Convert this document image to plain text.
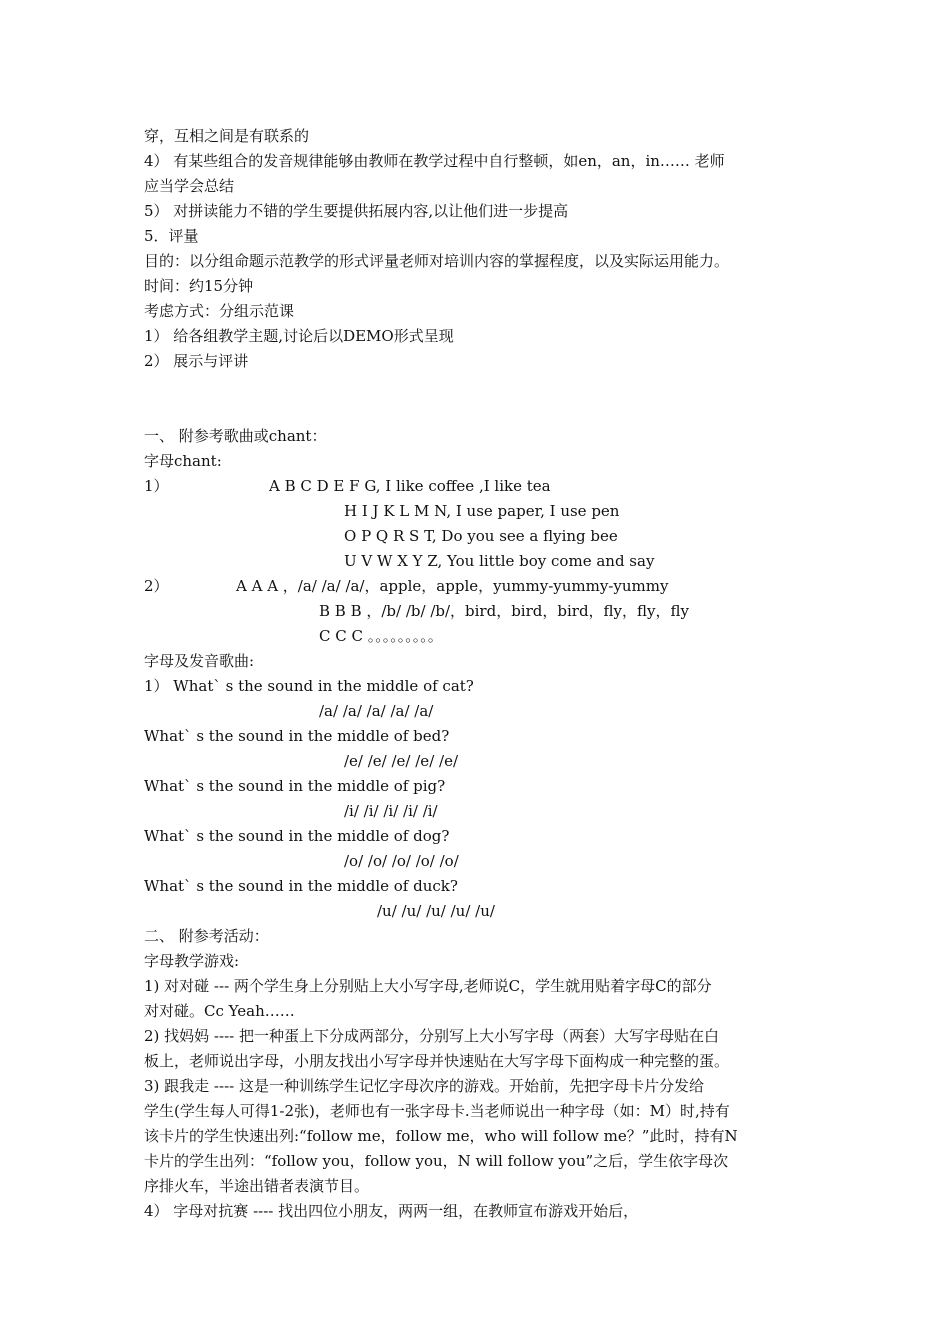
穿，互相之间是有联系的
4） 有某些组合的发音规律能够由教师在教学过程中自行整顿，如en，an，in…… 老师
应当学会总结
5） 对拼读能力不错的学生要提供拓展内容,以让他们进一步提高
5．评量
目的：以分组命题示范教学的形式评量老师对培训内容的掌握程度，以及实际运用能力。
时间：约15分钟
考虑方式：分组示范课
1） 给各组教学主题,讨论后以DEMO形式呈现
2） 展示与评讲
一、 附参考歌曲或chant：
字母chant:
1）	A B C D E F G, I like coffee ,I like tea
H I J K L M N, I use paper, I use pen
O P Q R S T, Do you see a flying bee
U V W X Y Z, You little boy come and say
2）	A A A ，/a/ /a/ /a/，apple，apple，yummy-yummy-yummy
B B B ，/b/ /b/ /b/，bird，bird，bird，fly，fly，fly
C C C 。。。。。。。。。
字母及发音歌曲:
1） What` s the sound in the middle of cat?
/a/ /a/ /a/ /a/ /a/
What` s the sound in the middle of bed?
/e/ /e/ /e/ /e/ /e/
What` s the sound in the middle of pig?
/i/ /i/ /i/ /i/ /i/
What` s the sound in the middle of dog?
/o/ /o/ /o/ /o/ /o/
What` s the sound in the middle of duck?
/u/ /u/ /u/ /u/ /u/
二、 附参考活动：
字母教学游戏:
1) 对对碰 --- 两个学生身上分别贴上大小写字母,老师说C，学生就用贴着字母C的部分
对对碰。Cc Yeah……
2) 找妈妈 ---- 把一种蛋上下分成两部分，分别写上大小写字母（两套）大写字母贴在白
板上，老师说出字母，小朋友找出小写字母并快速贴在大写字母下面构成一种完整的蛋。
3) 跟我走 ---- 这是一种训练学生记忆字母次序的游戏。开始前，先把字母卡片分发给
学生(学生每人可得1-2张)，老师也有一张字母卡.当老师说出一种字母（如：M）时,持有
该卡片的学生快速出列:“follow me，follow me，who will follow me？”此时，持有N
卡片的学生出列：“follow you，follow you，N will follow you”之后，学生依字母次
序排火车，半途出错者表演节目。
4） 字母对抗赛 ---- 找出四位小朋友，两两一组，在教师宣布游戏开始后，
